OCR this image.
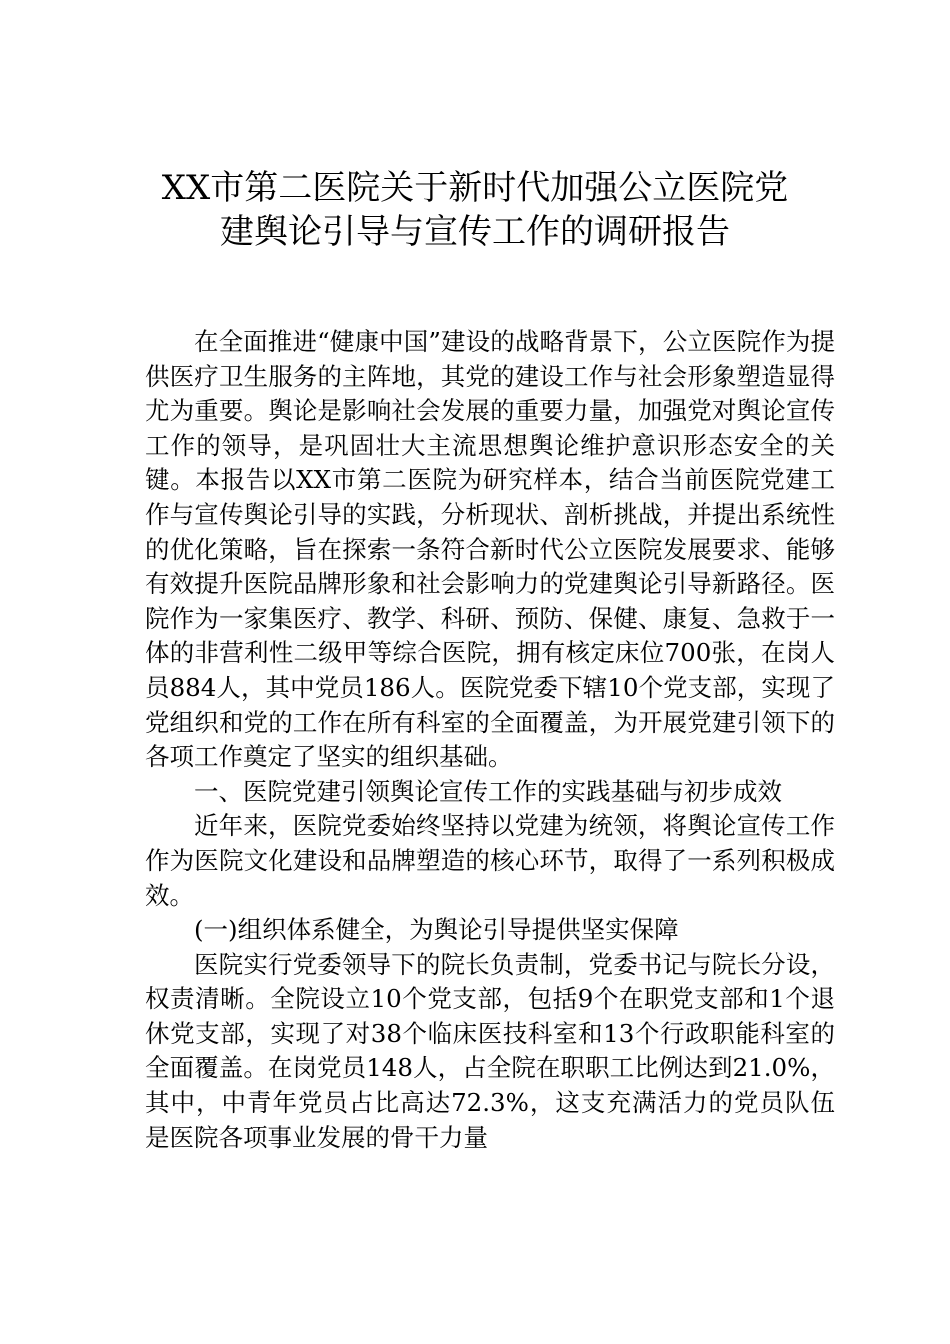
XX市第二医院关于新时代加强公立医院党
建舆论引导与宣传工作的调研报告

在全面推进“健康中国”建设的战略背景下，公立医院作为提供医疗卫生服务的主阵地，其党的建设工作与社会形象塑造显得尤为重要。舆论是影响社会发展的重要力量，加强党对舆论宣传工作的领导，是巩固壮大主流思想舆论维护意识形态安全的关键。本报告以XX市第二医院为研究样本，结合当前医院党建工作与宣传舆论引导的实践，分析现状、剖析挑战，并提出系统性的优化策略，旨在探索一条符合新时代公立医院发展要求、能够有效提升医院品牌形象和社会影响力的党建舆论引导新路径。医院作为一家集医疗、教学、科研、预防、保健、康复、急救于一体的非营利性二级甲等综合医院，拥有核定床位700张，在岗人员884人，其中党员186人。医院党委下辖10个党支部，实现了党组织和党的工作在所有科室的全面覆盖，为开展党建引领下的各项工作奠定了坚实的组织基础。

一、医院党建引领舆论宣传工作的实践基础与初步成效

近年来，医院党委始终坚持以党建为统领，将舆论宣传工作作为医院文化建设和品牌塑造的核心环节，取得了一系列积极成效。

(一)组织体系健全，为舆论引导提供坚实保障

医院实行党委领导下的院长负责制，党委书记与院长分设，权责清晰。全院设立10个党支部，包括9个在职党支部和1个退休党支部，实现了对38个临床医技科室和13个行政职能科室的全面覆盖。在岗党员148人，占全院在职职工比例达到21.0%，其中，中青年党员占比高达72.3%，这支充满活力的党员队伍是医院各项事业发展的骨干力量
